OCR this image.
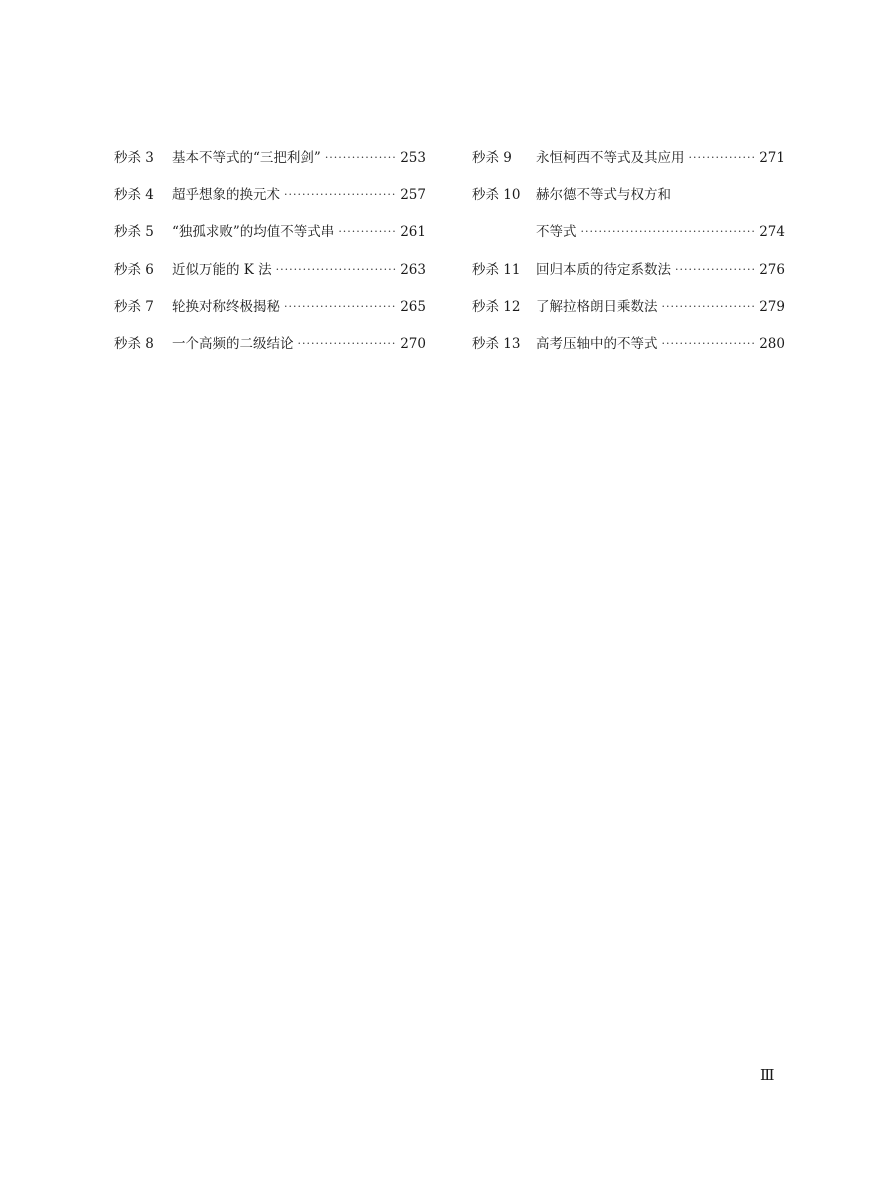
秒杀 3	基本不等式的“三把利剑” ·····	253
秒杀 4	超乎想象的换元术 ·····	257
秒杀 5	“独孤求败”的均值不等式串 ·····	261
秒杀 6	近似万能的 K 法 ·····	263
秒杀 7	轮换对称终极揭秘 ·····	265
秒杀 8	一个高频的二级结论 ·····	270
秒杀 9	永恒柯西不等式及其应用 ·····	271
秒杀 10	赫尔德不等式与权方和
不等式 ·····	274
秒杀 11	回归本质的待定系数法 ·····	276
秒杀 12	了解拉格朗日乘数法 ·····	279
秒杀 13	高考压轴中的不等式 ·····	280
Ⅲ
